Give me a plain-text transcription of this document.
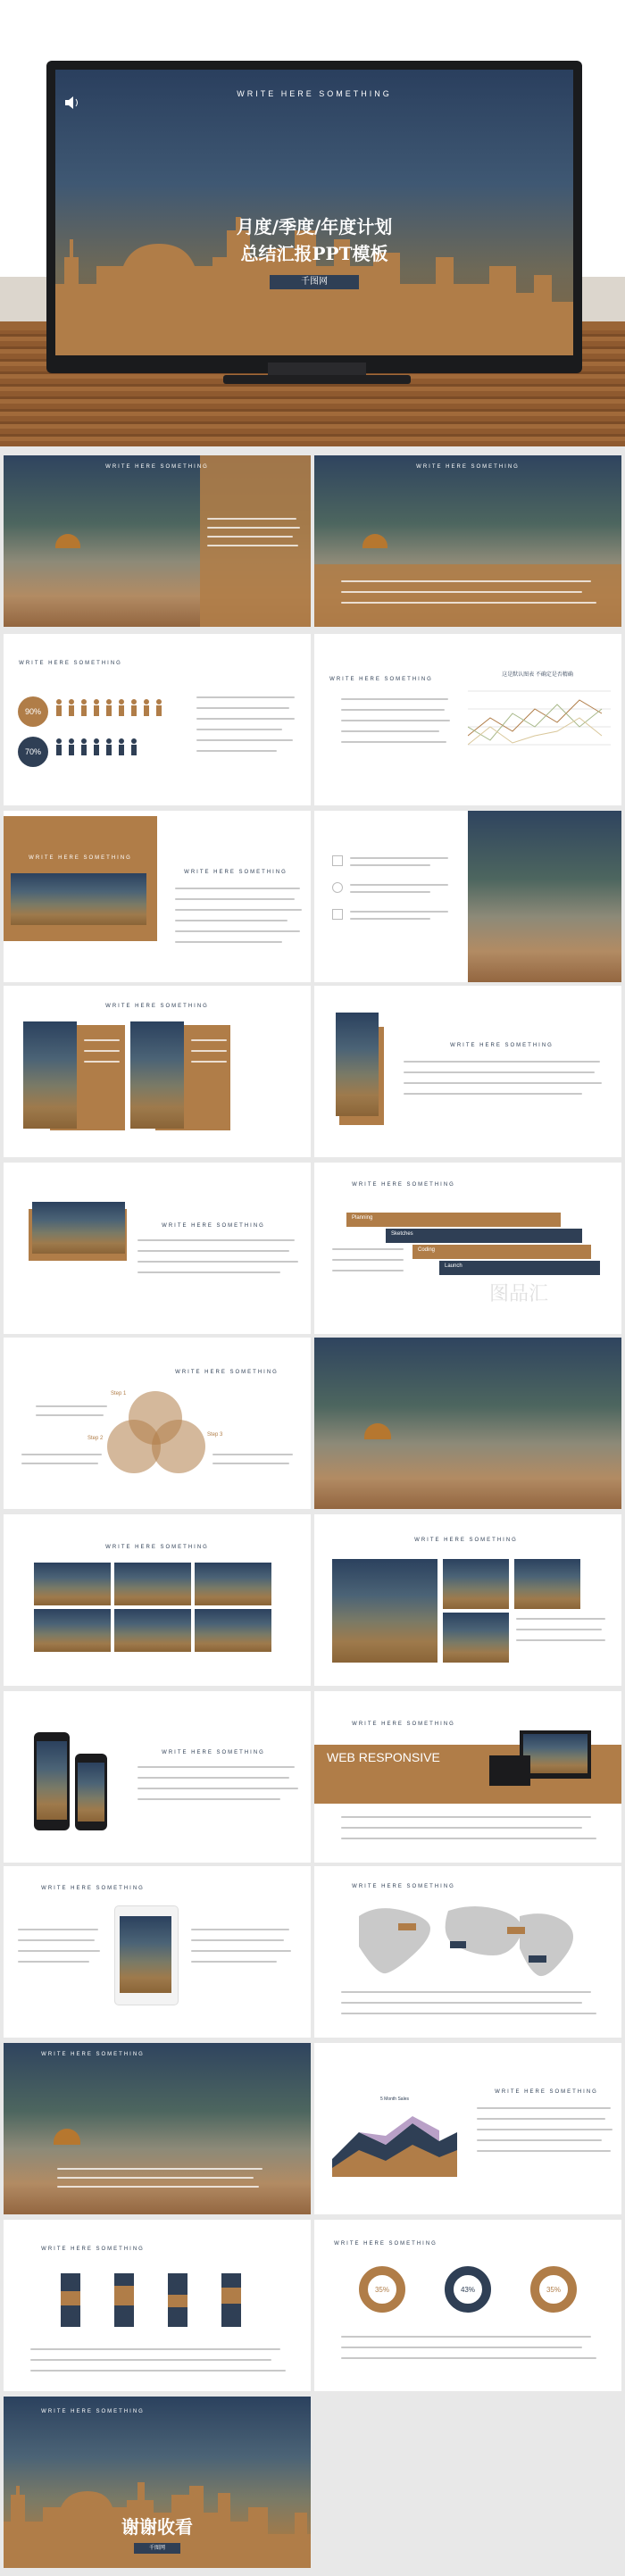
WRITE HERE SOMETHING
月度/季度/年度计划
总结汇报PPT模板
千图网
WRITE HERE SOMETHING	WRITE HERE SOMETHING
WRITE HERE SOMETHING
90%
70%
WRITE HERE SOMETHING
这是默认图表 不确定是否精确
WRITE HERE SOMETHING
WRITE HERE SOMETHING
WRITE HERE SOMETHING
WRITE HERE SOMETHING
WRITE HERE SOMETHING
WRITE HERE SOMETHING
Planning
Sketches
Coding
Launch
图品汇
WRITE HERE SOMETHING
Step 1
Step 2
Step 3
WRITE HERE SOMETHING
WRITE HERE SOMETHING
WRITE HERE SOMETHING
WRITE HERE SOMETHING
WEB RESPONSIVE
WRITE HERE SOMETHING	WRITE HERE SOMETHING
WRITE HERE SOMETHING
5 Month Sales
WRITE HERE SOMETHING
WRITE HERE SOMETHING
WRITE HERE SOMETHING
35%	43%	35%
WRITE HERE SOMETHING
谢谢收看
千图网
